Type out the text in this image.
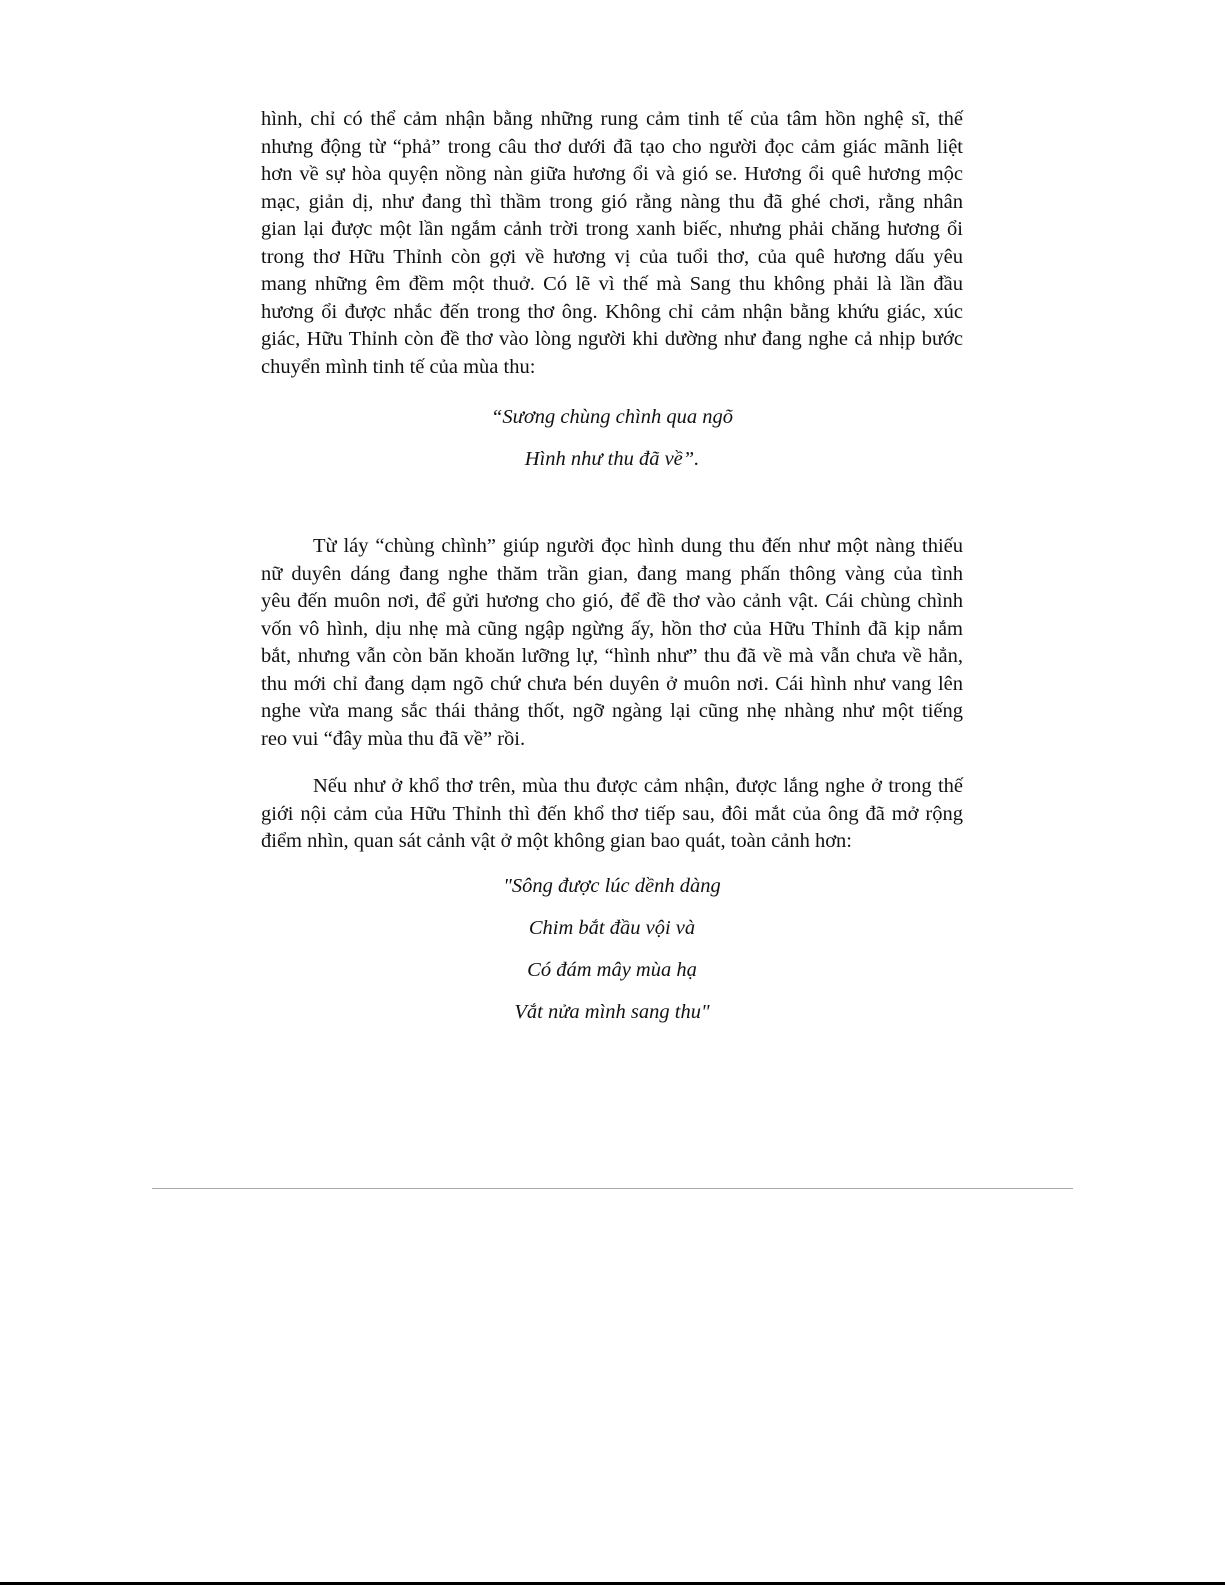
hình, chỉ có thể cảm nhận bằng những rung cảm tinh tế của tâm hồn nghệ sĩ, thế
nhưng động từ “phả” trong câu thơ dưới đã tạo cho người đọc cảm giác mãnh liệt
hơn về sự hòa quyện nồng nàn giữa hương ổi và gió se. Hương ổi quê hương mộc
mạc, giản dị, như đang thì thầm trong gió rằng nàng thu đã ghé chơi, rằng nhân
gian lại được một lần ngắm cảnh trời trong xanh biếc, nhưng phải chăng hương ổi
trong thơ Hữu Thỉnh còn gợi về hương vị của tuổi thơ, của quê hương dấu yêu
mang những êm đềm một thuở. Có lẽ vì thế mà Sang thu không phải là lần đầu
hương ổi được nhắc đến trong thơ ông. Không chỉ cảm nhận bằng khứu giác, xúc
giác, Hữu Thỉnh còn đề thơ vào lòng người khi dường như đang nghe cả nhịp bước
chuyển mình tinh tế của mùa thu:

“Sương chùng chình qua ngõ
Hình như thu đã về”.

Từ láy “chùng chình” giúp người đọc hình dung thu đến như một nàng thiếu
nữ duyên dáng đang nghe thăm trần gian, đang mang phấn thông vàng của tình
yêu đến muôn nơi, để gửi hương cho gió, để đề thơ vào cảnh vật. Cái chùng chình
vốn vô hình, dịu nhẹ mà cũng ngập ngừng ấy, hồn thơ của Hữu Thỉnh đã kịp nắm
bắt, nhưng vẫn còn băn khoăn lưỡng lự, “hình như” thu đã về mà vẫn chưa về hẳn,
thu mới chỉ đang dạm ngõ chứ chưa bén duyên ở muôn nơi. Cái hình như vang lên
nghe vừa mang sắc thái thảng thốt, ngỡ ngàng lại cũng nhẹ nhàng như một tiếng
reo vui “đây mùa thu đã về” rồi.

Nếu như ở khổ thơ trên, mùa thu được cảm nhận, được lắng nghe ở trong thế
giới nội cảm của Hữu Thỉnh thì đến khổ thơ tiếp sau, đôi mắt của ông đã mở rộng
điểm nhìn, quan sát cảnh vật ở một không gian bao quát, toàn cảnh hơn:

"Sông được lúc dềnh dàng
Chim bắt đầu vội và
Có đám mây mùa hạ
Vắt nửa mình sang thu"
